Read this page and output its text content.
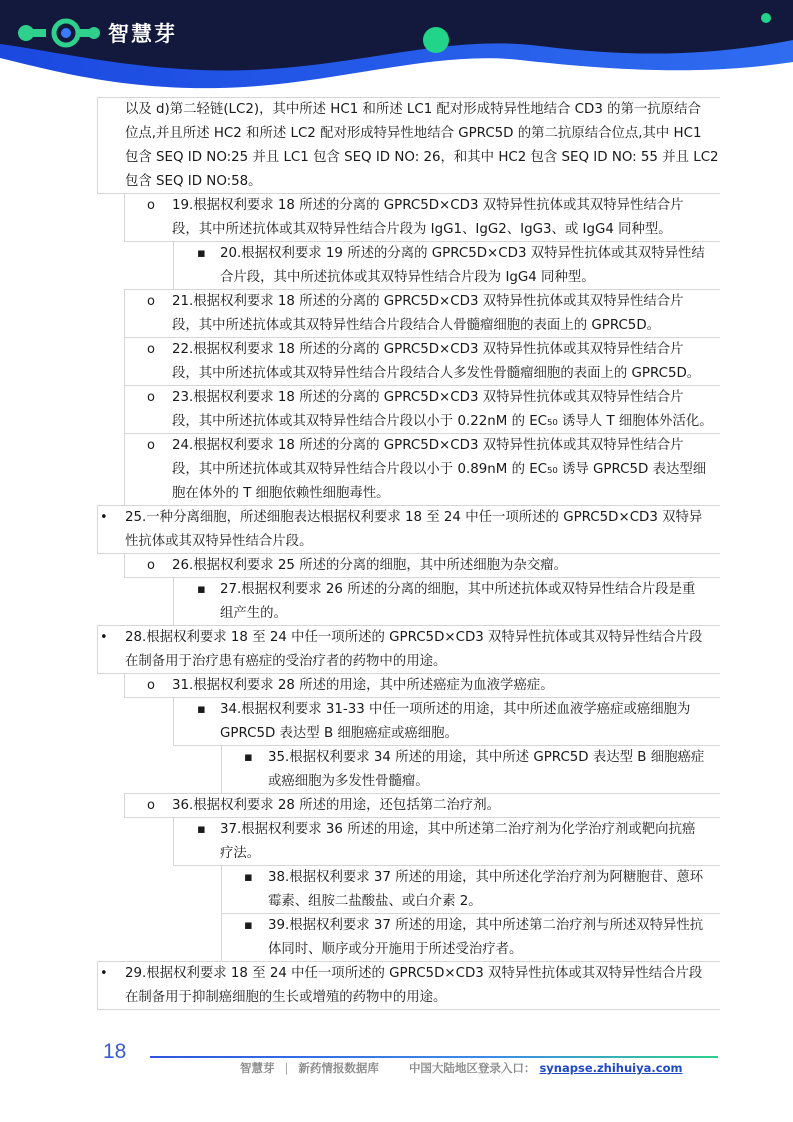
智慧芽
以及 d)第二轻链(LC2)，其中所述 HC1 和所述 LC1 配对形成特异性地结合 CD3 的第一抗原结合
位点,并且所述 HC2 和所述 LC2 配对形成特异性地结合 GPRC5D 的第二抗原结合位点,其中 HC1
包含 SEQ ID NO:25 并且 LC1 包含 SEQ ID NO: 26，和其中 HC2 包含 SEQ ID NO: 55 并且 LC2
包含 SEQ ID NO:58。
o 19.根据权利要求 18 所述的分离的 GPRC5D×CD3 双特异性抗体或其双特异性结合片
段，其中所述抗体或其双特异性结合片段为 IgG1、IgG2、IgG3、或 IgG4 同种型。
▪ 20.根据权利要求 19 所述的分离的 GPRC5D×CD3 双特异性抗体或其双特异性结
合片段，其中所述抗体或其双特异性结合片段为 IgG4 同种型。
o 21.根据权利要求 18 所述的分离的 GPRC5D×CD3 双特异性抗体或其双特异性结合片
段，其中所述抗体或其双特异性结合片段结合人骨髓瘤细胞的表面上的 GPRC5D。
o 22.根据权利要求 18 所述的分离的 GPRC5D×CD3 双特异性抗体或其双特异性结合片
段，其中所述抗体或其双特异性结合片段结合人多发性骨髓瘤细胞的表面上的 GPRC5D。
o 23.根据权利要求 18 所述的分离的 GPRC5D×CD3 双特异性抗体或其双特异性结合片
段，其中所述抗体或其双特异性结合片段以小于 0.22nM 的 EC₅₀ 诱导人 T 细胞体外活化。
o 24.根据权利要求 18 所述的分离的 GPRC5D×CD3 双特异性抗体或其双特异性结合片
段，其中所述抗体或其双特异性结合片段以小于 0.89nM 的 EC₅₀ 诱导 GPRC5D 表达型细
胞在体外的 T 细胞依赖性细胞毒性。
• 25.一种分离细胞，所述细胞表达根据权利要求 18 至 24 中任一项所述的 GPRC5D×CD3 双特异
性抗体或其双特异性结合片段。
o 26.根据权利要求 25 所述的分离的细胞，其中所述细胞为杂交瘤。
▪ 27.根据权利要求 26 所述的分离的细胞，其中所述抗体或双特异性结合片段是重
组产生的。
• 28.根据权利要求 18 至 24 中任一项所述的 GPRC5D×CD3 双特异性抗体或其双特异性结合片段
在制备用于治疗患有癌症的受治疗者的药物中的用途。
o 31.根据权利要求 28 所述的用途，其中所述癌症为血液学癌症。
▪ 34.根据权利要求 31-33 中任一项所述的用途，其中所述血液学癌症或癌细胞为
GPRC5D 表达型 B 细胞癌症或癌细胞。
▪ 35.根据权利要求 34 所述的用途，其中所述 GPRC5D 表达型 B 细胞癌症
或癌细胞为多发性骨髓瘤。
o 36.根据权利要求 28 所述的用途，还包括第二治疗剂。
▪ 37.根据权利要求 36 所述的用途，其中所述第二治疗剂为化学治疗剂或靶向抗癌
疗法。
▪ 38.根据权利要求 37 所述的用途，其中所述化学治疗剂为阿糖胞苷、蒽环
霉素、组胺二盐酸盐、或白介素 2。
▪ 39.根据权利要求 37 所述的用途，其中所述第二治疗剂与所述双特异性抗
体同时、顺序或分开施用于所述受治疗者。
• 29.根据权利要求 18 至 24 中任一项所述的 GPRC5D×CD3 双特异性抗体或其双特异性结合片段
在制备用于抑制癌细胞的生长或增殖的药物中的用途。
18
智慧芽 | 新药情报数据库	中国大陆地区登录入口： synapse.zhihuiya.com
